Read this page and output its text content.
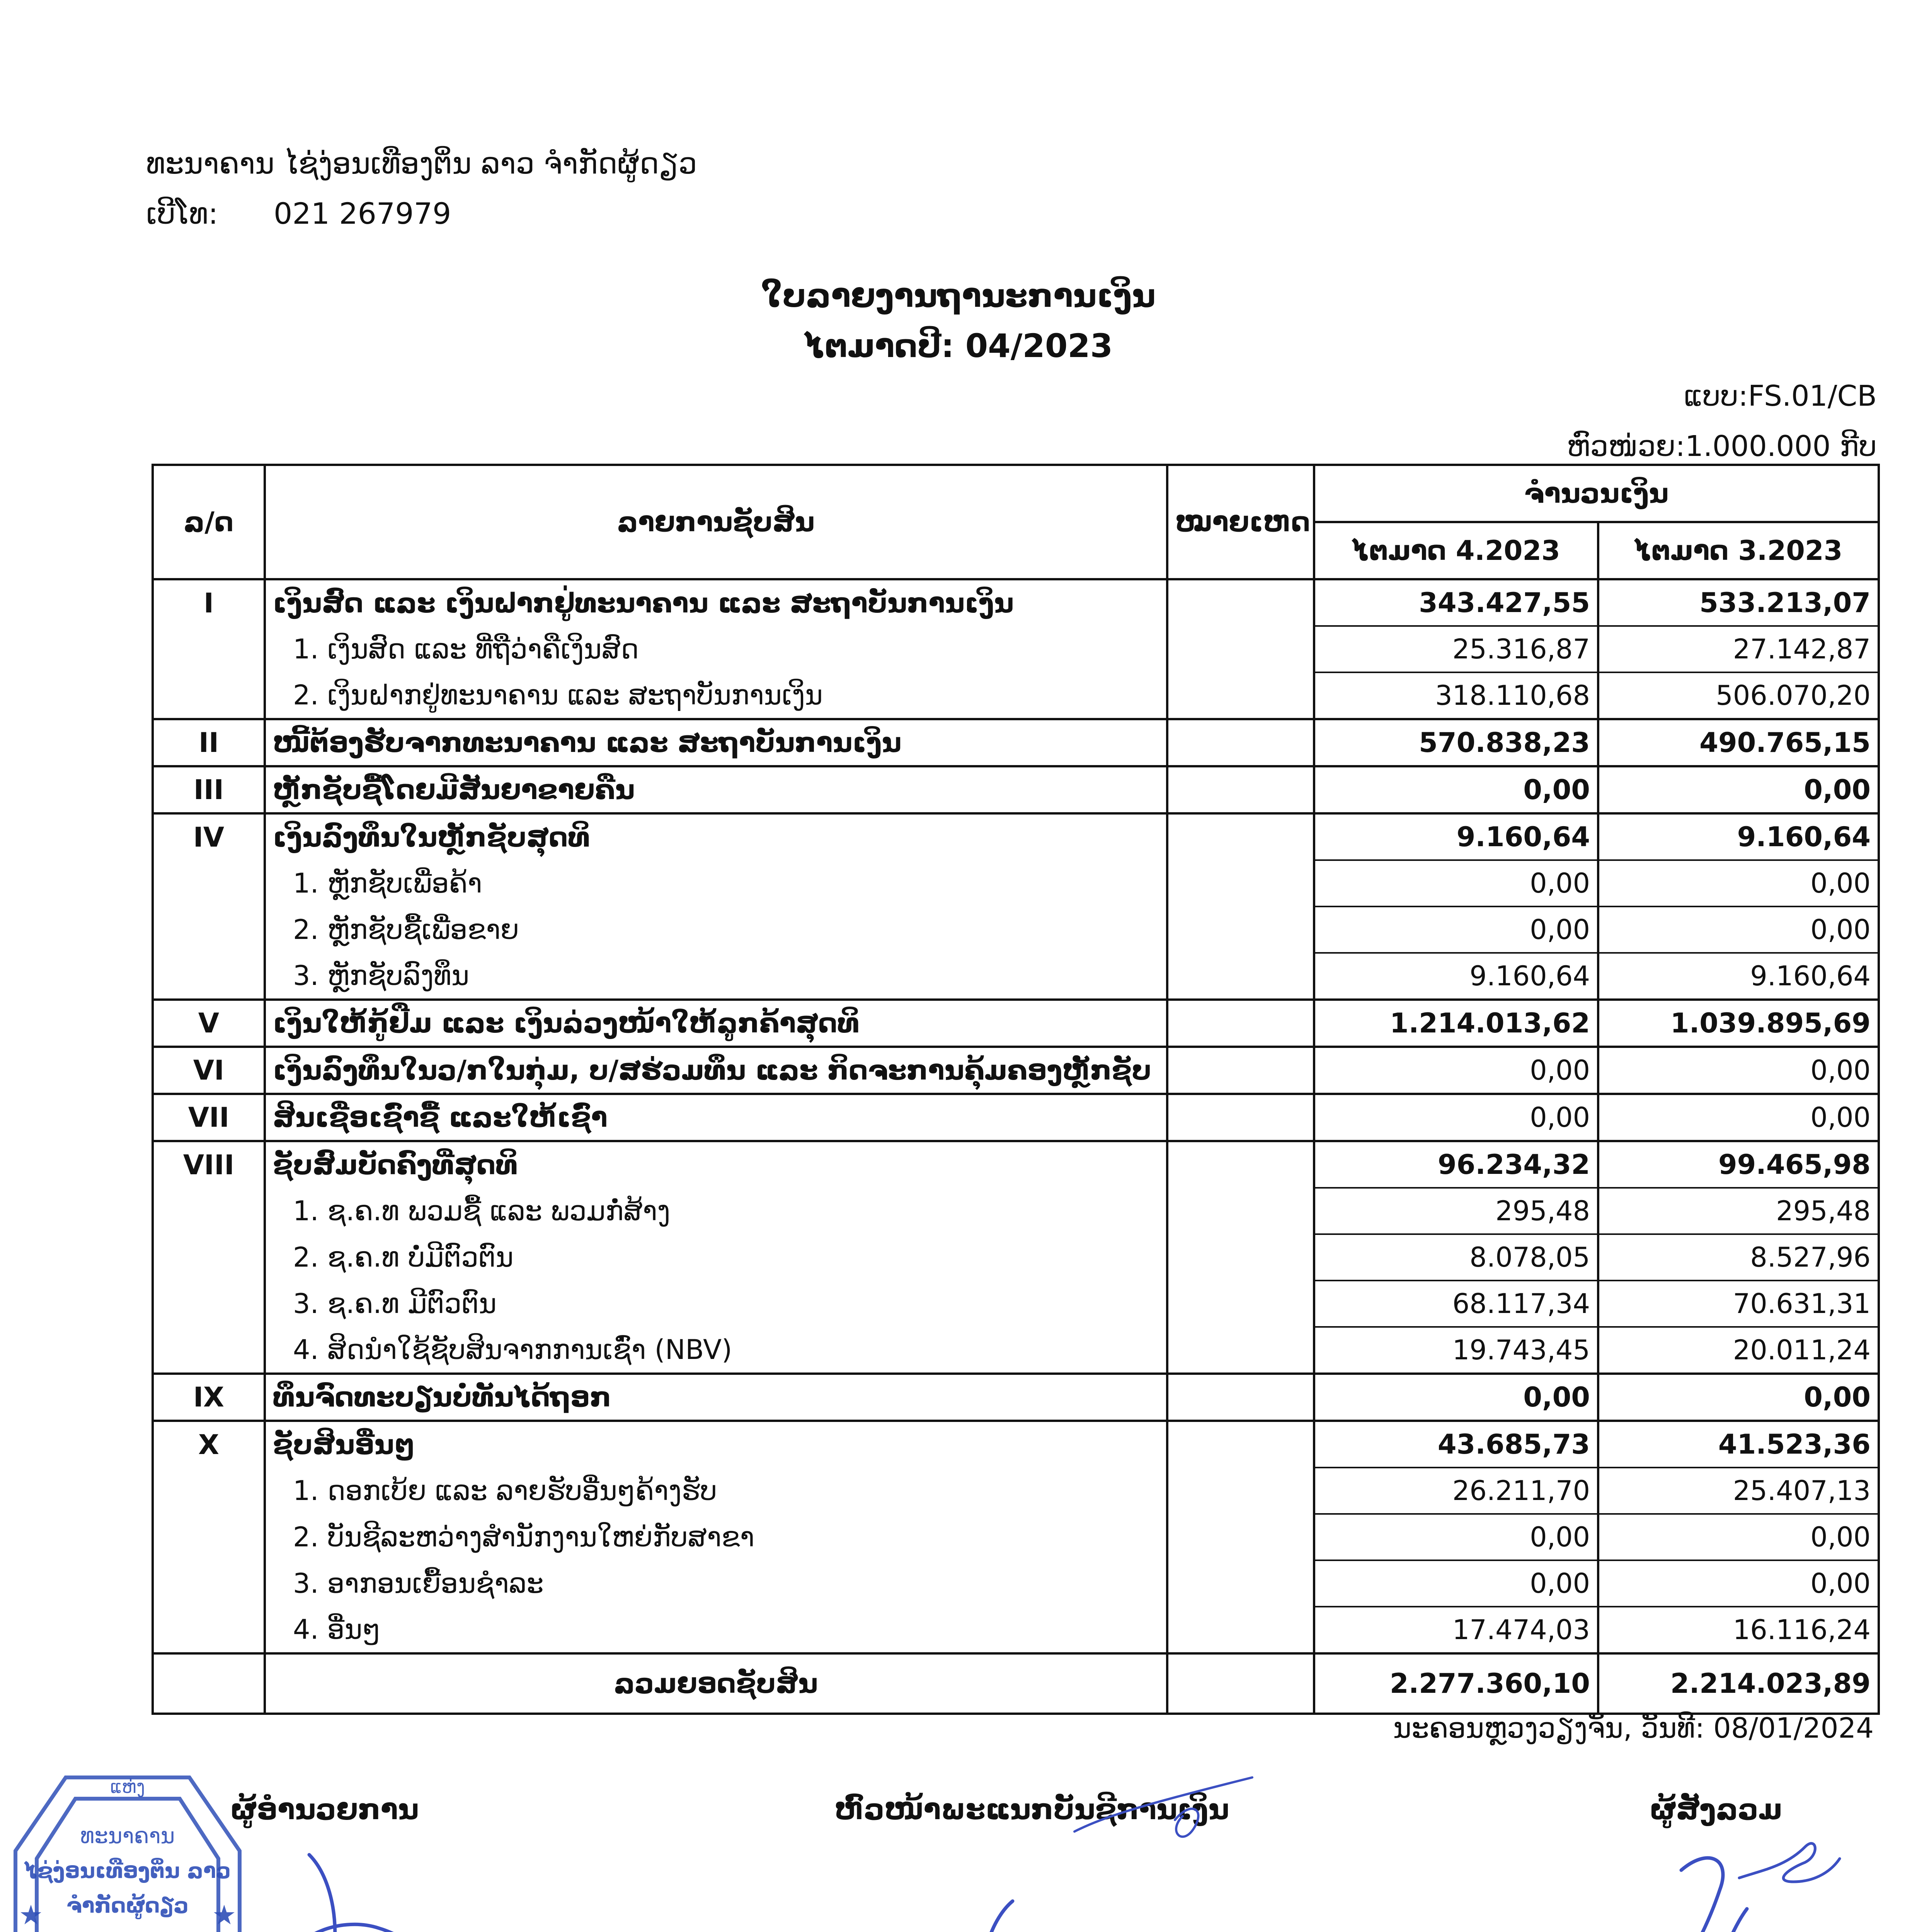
ທະນາຄານ ໄຊ່ງ່ອນເທືອງຕິ່ນ ລາວ ຈຳກັດຜູ້ດຽວ
ເບີໂທ:	021 267979
ໃບລາຍງານຖານະການເງິນ
ໄຕມາດປີ: 04/2023
ແບບ:FS.01/CB
ຫົວໜ່ວຍ:1.000.000 ກີບ
ລ/ດ	ລາຍການຊັບສິນ	ໝາຍເຫດ	ຈຳນວນເງິນ	
			ໄຕມາດ 4.2023	ໄຕມາດ 3.2023
I	ເງິນສົດ ແລະ ເງິນຝາກຢູ່ທະນາຄານ ແລະ ສະຖາບັນການເງິນ		343.427,55	533.213,07
	1. ເງິນສົດ ແລະ ທີ່ຖືວ່າຄືເງິນສົດ		25.316,87	27.142,87
	2. ເງິນຝາກຢູ່ທະນາຄານ ແລະ ສະຖາບັນການເງິນ		318.110,68	506.070,20
II	ໜີ້ຕ້ອງຮັບຈາກທະນາຄານ ແລະ ສະຖາບັນການເງິນ		570.838,23	490.765,15
III	ຫຼັກຊັບຊື້ໂດຍມີສັນຍາຂາຍຄືນ		0,00	0,00
IV	ເງິນລົງທຶນໃນຫຼັກຊັບສຸດທິ		9.160,64	9.160,64
	1. ຫຼັກຊັບເພື່ອຄ້າ		0,00	0,00
	2. ຫຼັກຊັບຊື້ເພື່ອຂາຍ		0,00	0,00
	3. ຫຼັກຊັບລົງທຶນ		9.160,64	9.160,64
V	ເງິນໃຫ້ກູ້ຢືມ ແລະ ເງິນລ່ວງໜ້າໃຫ້ລູກຄ້າສຸດທິ		1.214.013,62	1.039.895,69
VI	ເງິນລົງທຶນໃນວ/ກໃນກຸ່ມ, ບ/ສຮ່ວມທຶນ ແລະ ກິດຈະການຄຸ້ມຄອງຫຼັກຊັບ		0,00	0,00
VII	ສິນເຊື່ອເຊົ່າຊື້ ແລະໃຫ້ເຊົ່າ		0,00	0,00
VIII	ຊັບສົມບັດຄົງທີ່ສຸດທິ		96.234,32	99.465,98
	1. ຊ.ຄ.ທ ພວມຊື້ ແລະ ພວມກໍ່ສ້າງ		295,48	295,48
	2. ຊ.ຄ.ທ ບໍ່ມີຕົວຕົນ		8.078,05	8.527,96
	3. ຊ.ຄ.ທ ມີຕົວຕົນ		68.117,34	70.631,31
	4. ສິດນຳໃຊ້ຊັບສິນຈາກການເຊົ່າ (NBV)		19.743,45	20.011,24
IX	ທຶນຈົດທະບຽນບໍ່ທັນໄດ້ຖອກ		0,00	0,00
X	ຊັບສິນອື່ນໆ		43.685,73	41.523,36
	1. ດອກເບ້ຍ ແລະ ລາຍຮັບອື່ນໆຄ້າງຮັບ		26.211,70	25.407,13
	2. ບັນຊີລະຫວ່າງສຳນັກງານໃຫຍ່ກັບສາຂາ		0,00	0,00
	3. ອາກອນເຍື້ອນຊຳລະ		0,00	0,00
	4. ອື່ນໆ		17.474,03	16.116,24
	ລວມຍອດຊັບສິນ		2.277.360,10	2.214.023,89
ນະຄອນຫຼວງວຽງຈັນ, ວັນທີ: 08/01/2024
ຜູ້ອຳນວຍການ	ຫົວໜ້າພະແນກບັນຊີການເງິນ	ຜູ້ສັງລວມ
ແຫ່ງ
ທະນາຄານ
ໄຊ່ງ່ອນເທືອງຕິ່ນ ລາວ
ຈຳກັດຜູ້ດຽວ
★	★
